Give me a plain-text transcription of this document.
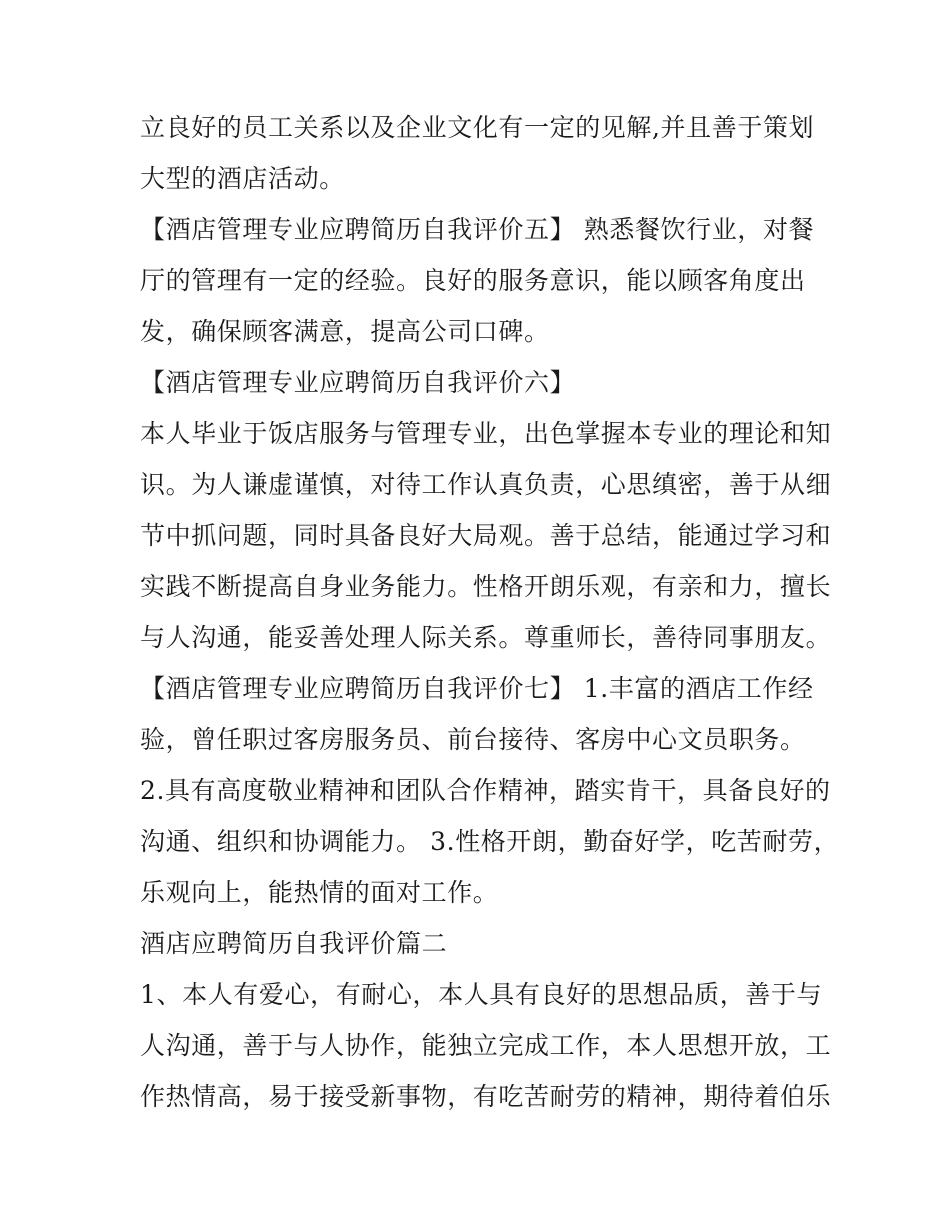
立良好的员工关系以及企业文化有一定的见解,并且善于策划
大型的酒店活动。
【酒店管理专业应聘简历自我评价五】 熟悉餐饮行业，对餐
厅的管理有一定的经验。良好的服务意识，能以顾客角度出
发，确保顾客满意，提高公司口碑。
【酒店管理专业应聘简历自我评价六】
本人毕业于饭店服务与管理专业，出色掌握本专业的理论和知
识。为人谦虚谨慎，对待工作认真负责，心思缜密，善于从细
节中抓问题，同时具备良好大局观。善于总结，能通过学习和
实践不断提高自身业务能力。性格开朗乐观，有亲和力，擅长
与人沟通，能妥善处理人际关系。尊重师长，善待同事朋友。
【酒店管理专业应聘简历自我评价七】 1.丰富的酒店工作经
验，曾任职过客房服务员、前台接待、客房中心文员职务。
2.具有高度敬业精神和团队合作精神，踏实肯干，具备良好的
沟通、组织和协调能力。 3.性格开朗，勤奋好学，吃苦耐劳，
乐观向上，能热情的面对工作。
酒店应聘简历自我评价篇二
1、本人有爱心，有耐心，本人具有良好的思想品质，善于与
人沟通，善于与人协作，能独立完成工作，本人思想开放，工
作热情高，易于接受新事物，有吃苦耐劳的精神，期待着伯乐
